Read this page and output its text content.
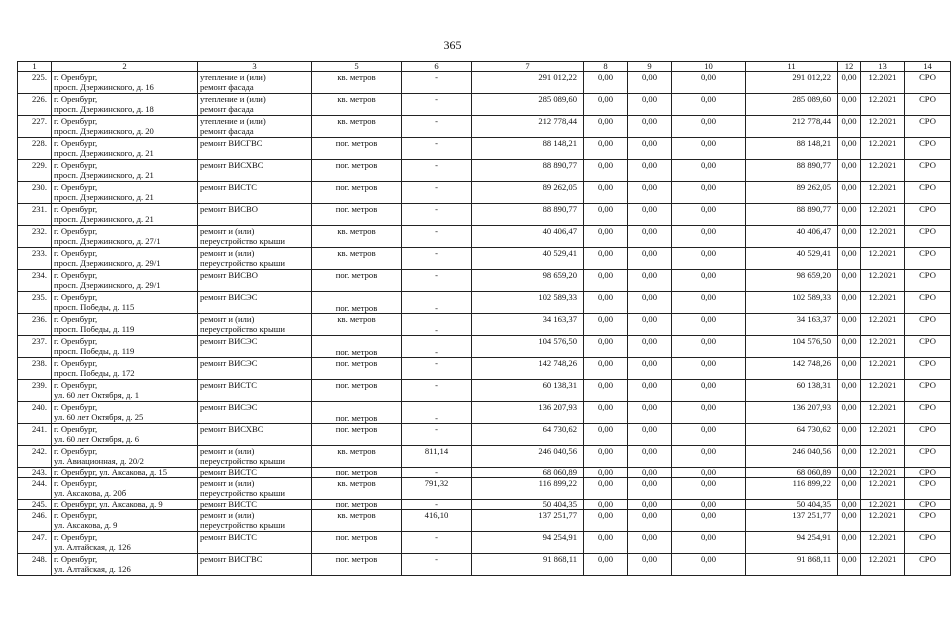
365
1	2	3	5	6	7	8	9	10	11	12	13	14
225.	г. Оренбург,
просп. Дзержинского, д. 16	утепление и (или)
ремонт фасада	кв. метров	-	291 012,22	0,00	0,00	0,00	291 012,22	0,00	12.2021	СРО
226.	г. Оренбург,
просп. Дзержинского, д. 18	утепление и (или)
ремонт фасада	кв. метров	-	285 089,60	0,00	0,00	0,00	285 089,60	0,00	12.2021	СРО
227.	г. Оренбург,
просп. Дзержинского, д. 20	утепление и (или)
ремонт фасада	кв. метров	-	212 778,44	0,00	0,00	0,00	212 778,44	0,00	12.2021	СРО
228.	г. Оренбург,
просп. Дзержинского, д. 21	ремонт ВИСГВС	пог. метров	-	88 148,21	0,00	0,00	0,00	88 148,21	0,00	12.2021	СРО
229.	г. Оренбург,
просп. Дзержинского, д. 21	ремонт ВИСХВС	пог. метров	-	88 890,77	0,00	0,00	0,00	88 890,77	0,00	12.2021	СРО
230.	г. Оренбург,
просп. Дзержинского, д. 21	ремонт ВИСТС	пог. метров	-	89 262,05	0,00	0,00	0,00	89 262,05	0,00	12.2021	СРО
231.	г. Оренбург,
просп. Дзержинского, д. 21	ремонт ВИСВО	пог. метров	-	88 890,77	0,00	0,00	0,00	88 890,77	0,00	12.2021	СРО
232.	г. Оренбург,
просп. Дзержинского, д. 27/1	ремонт и (или)
переустройство крыши	кв. метров	-	40 406,47	0,00	0,00	0,00	40 406,47	0,00	12.2021	СРО
233.	г. Оренбург,
просп. Дзержинского, д. 29/1	ремонт и (или)
переустройство крыши	кв. метров	-	40 529,41	0,00	0,00	0,00	40 529,41	0,00	12.2021	СРО
234.	г. Оренбург,
просп. Дзержинского, д. 29/1	ремонт ВИСВО	пог. метров	-	98 659,20	0,00	0,00	0,00	98 659,20	0,00	12.2021	СРО
235.	г. Оренбург,
просп. Победы, д. 115	ремонт ВИСЭС	пог. метров	-	102 589,33	0,00	0,00	0,00	102 589,33	0,00	12.2021	СРО
236.	г. Оренбург,
просп. Победы, д. 119	ремонт и (или)
переустройство крыши	кв. метров	-	34 163,37	0,00	0,00	0,00	34 163,37	0,00	12.2021	СРО
237.	г. Оренбург,
просп. Победы, д. 119	ремонт ВИСЭС	пог. метров	-	104 576,50	0,00	0,00	0,00	104 576,50	0,00	12.2021	СРО
238.	г. Оренбург,
просп. Победы, д. 172	ремонт ВИСЭС	пог. метров	-	142 748,26	0,00	0,00	0,00	142 748,26	0,00	12.2021	СРО
239.	г. Оренбург,
ул. 60 лет Октября, д. 1	ремонт ВИСТС	пог. метров	-	60 138,31	0,00	0,00	0,00	60 138,31	0,00	12.2021	СРО
240.	г. Оренбург,
ул. 60 лет Октября, д. 25	ремонт ВИСЭС	пог. метров	-	136 207,93	0,00	0,00	0,00	136 207,93	0,00	12.2021	СРО
241.	г. Оренбург,
ул. 60 лет Октября, д. 6	ремонт ВИСХВС	пог. метров	-	64 730,62	0,00	0,00	0,00	64 730,62	0,00	12.2021	СРО
242.	г. Оренбург,
ул. Авиационная, д. 20/2	ремонт и (или)
переустройство крыши	кв. метров	811,14	246 040,56	0,00	0,00	0,00	246 040,56	0,00	12.2021	СРО
243.	г. Оренбург, ул. Аксакова, д. 15	ремонт ВИСТС	пог. метров	-	68 060,89	0,00	0,00	0,00	68 060,89	0,00	12.2021	СРО
244.	г. Оренбург,
ул. Аксакова, д. 20б	ремонт и (или)
переустройство крыши	кв. метров	791,32	116 899,22	0,00	0,00	0,00	116 899,22	0,00	12.2021	СРО
245.	г. Оренбург, ул. Аксакова, д. 9	ремонт ВИСТС	пог. метров	-	50 404,35	0,00	0,00	0,00	50 404,35	0,00	12.2021	СРО
246.	г. Оренбург,
ул. Аксакова, д. 9	ремонт и (или)
переустройство крыши	кв. метров	416,10	137 251,77	0,00	0,00	0,00	137 251,77	0,00	12.2021	СРО
247.	г. Оренбург,
ул. Алтайская, д. 126	ремонт ВИСТС	пог. метров	-	94 254,91	0,00	0,00	0,00	94 254,91	0,00	12.2021	СРО
248.	г. Оренбург,
ул. Алтайская, д. 126	ремонт ВИСГВС	пог. метров	-	91 868,11	0,00	0,00	0,00	91 868,11	0,00	12.2021	СРО
